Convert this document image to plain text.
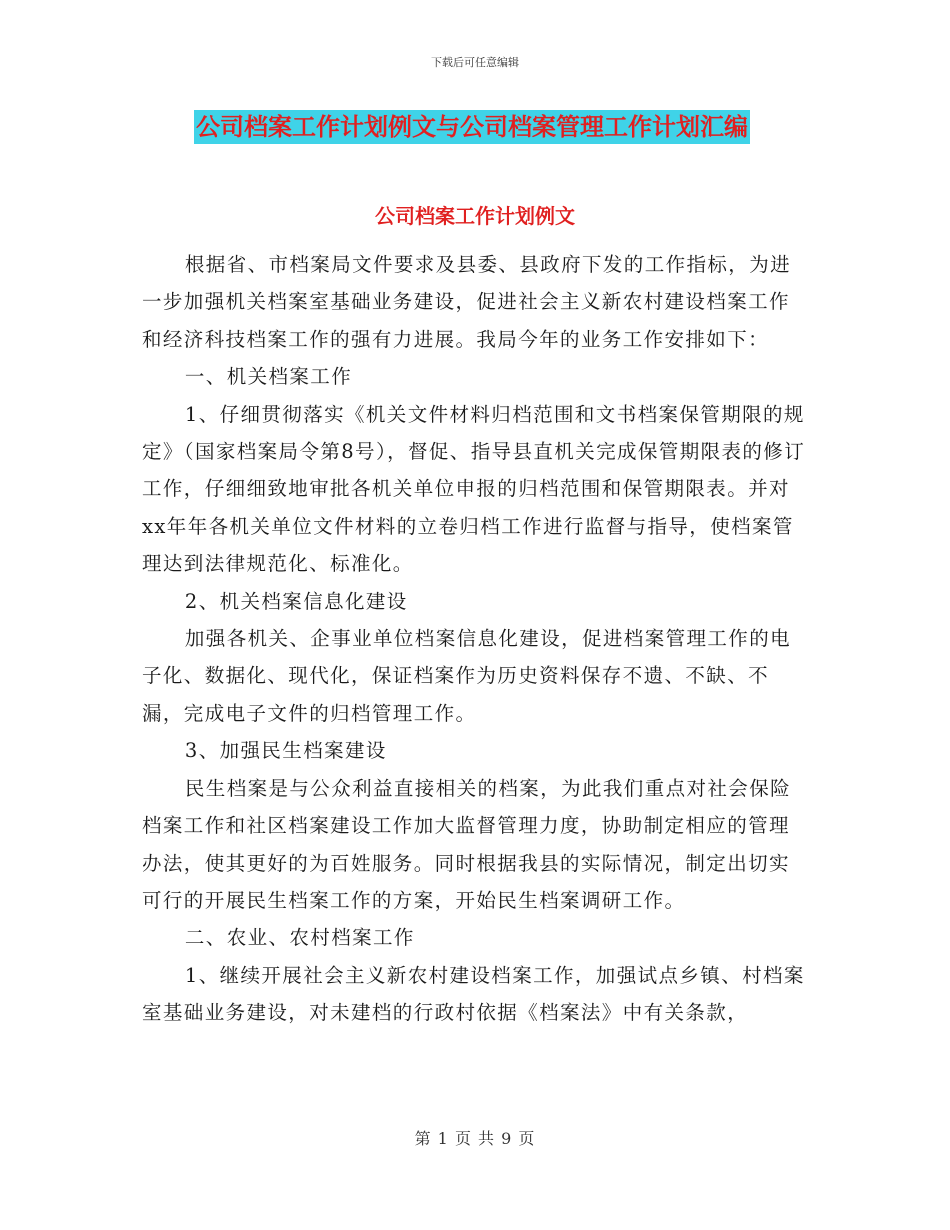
下载后可任意编辑
公司档案工作计划例文与公司档案管理工作计划汇编
公司档案工作计划例文

根据省、市档案局文件要求及县委、县政府下发的工作指标，为进一步加强机关档案室基础业务建设，促进社会主义新农村建设档案工作和经济科技档案工作的强有力进展。我局今年的业务工作安排如下：

一、机关档案工作

1、仔细贯彻落实《机关文件材料归档范围和文书档案保管期限的规定》（国家档案局令第8号），督促、指导县直机关完成保管期限表的修订工作，仔细细致地审批各机关单位申报的归档范围和保管期限表。并对xx年年各机关单位文件材料的立卷归档工作进行监督与指导，使档案管理达到法律规范化、标准化。

2、机关档案信息化建设

加强各机关、企事业单位档案信息化建设，促进档案管理工作的电子化、数据化、现代化，保证档案作为历史资料保存不遗、不缺、不漏，完成电子文件的归档管理工作。

3、加强民生档案建设

民生档案是与公众利益直接相关的档案，为此我们重点对社会保险档案工作和社区档案建设工作加大监督管理力度，协助制定相应的管理办法，使其更好的为百姓服务。同时根据我县的实际情况，制定出切实可行的开展民生档案工作的方案，开始民生档案调研工作。

二、农业、农村档案工作

1、继续开展社会主义新农村建设档案工作，加强试点乡镇、村档案室基础业务建设，对未建档的行政村依据《档案法》中有关条款，

第 1 页 共 9 页
